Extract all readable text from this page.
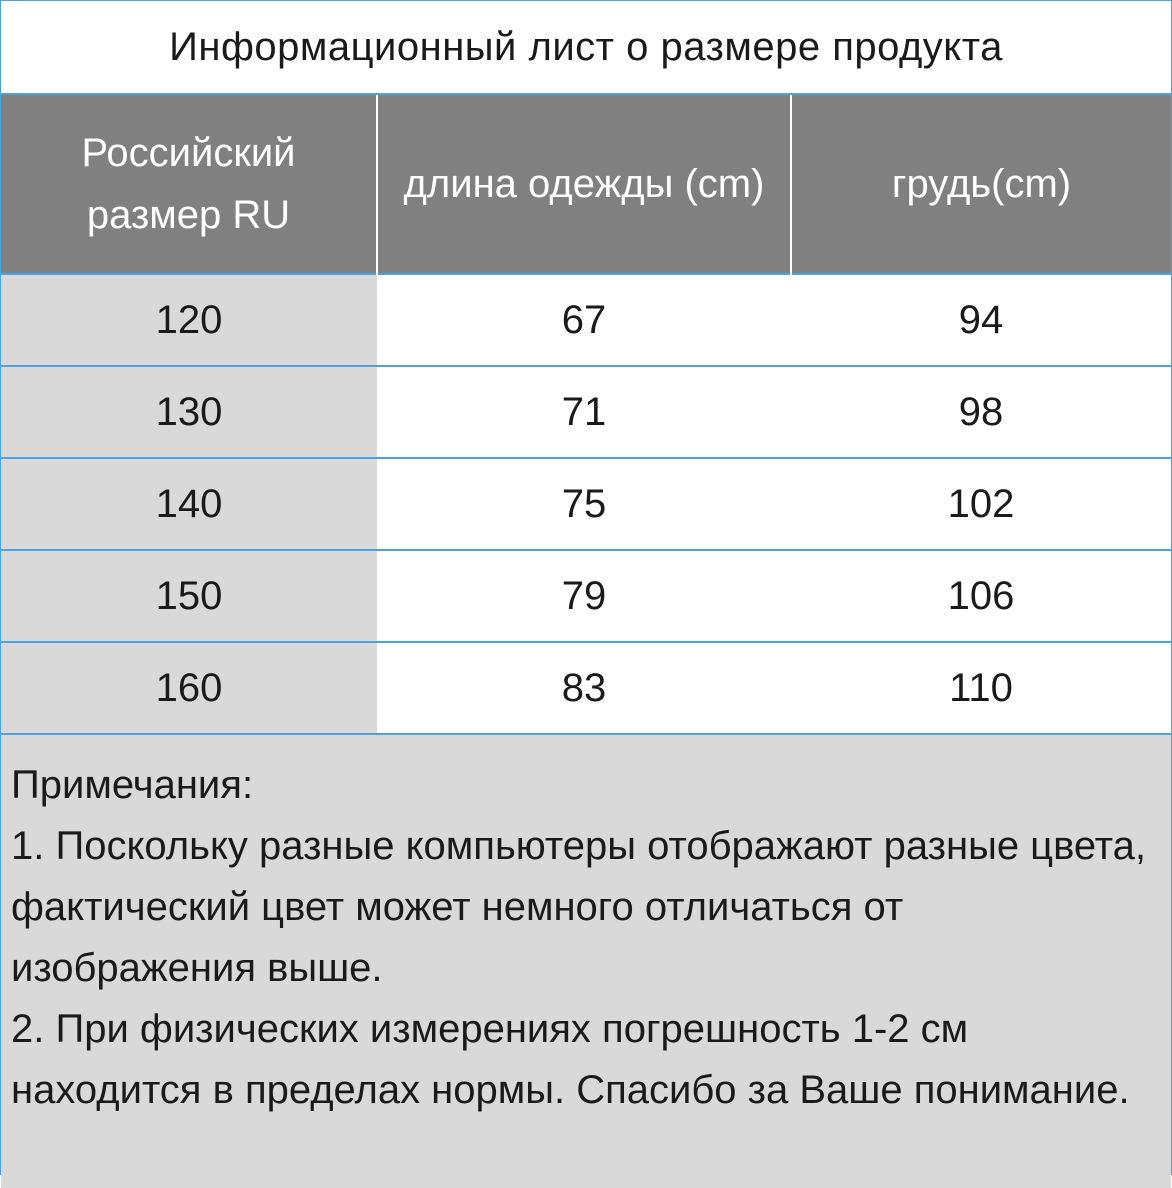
Информационный лист о размере продукта
Российский размер RU	длина одежды (cm)	грудь(cm)
120	67	94
130	71	98
140	75	102
150	79	106
160	83	110

Примечания:

1. Поскольку разные компьютеры отображают разные цвета, фактический цвет может немного отличаться от изображения выше.

2. При физических измерениях погрешность 1-2 см находится в пределах нормы. Спасибо за Ваше понимание.
